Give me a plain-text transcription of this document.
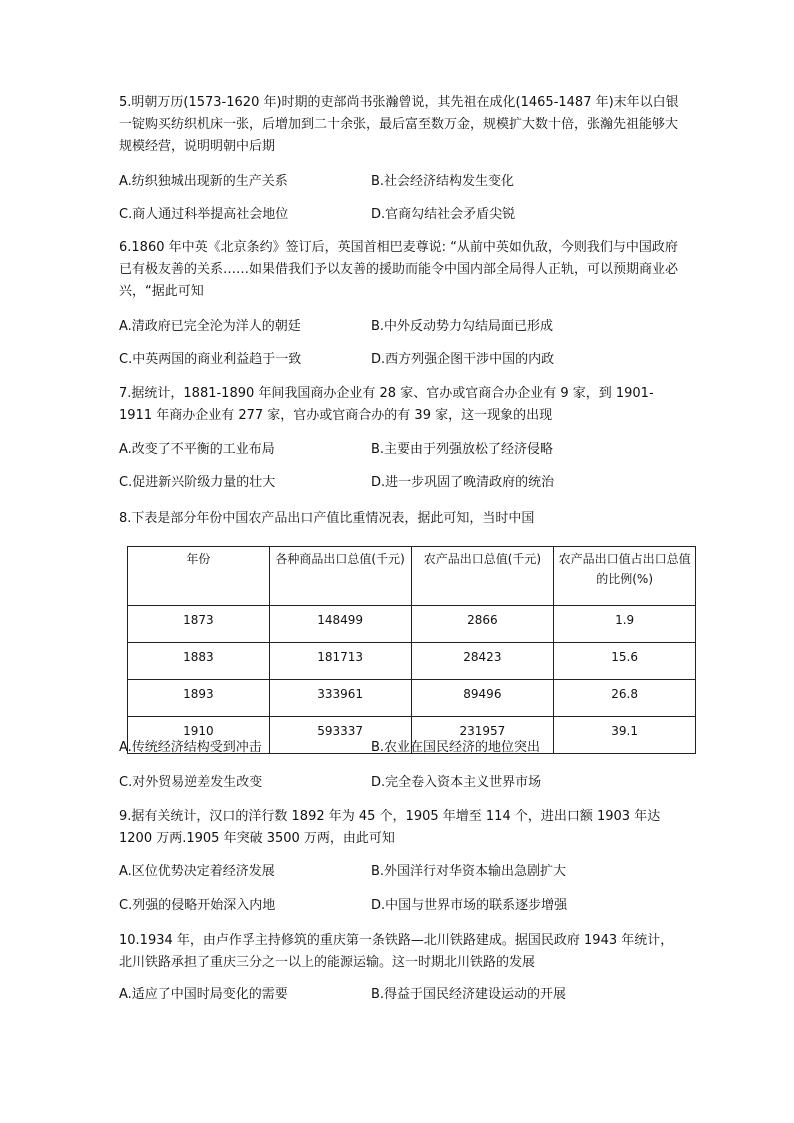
5.明朝万历(1573-1620 年)时期的吏部尚书张瀚曾说，其先祖在成化(1465-1487 年)末年以白银一锭购买纺织机床一张，后增加到二十余张，最后富至数万金，规模扩大数十倍，张瀚先祖能够大规模经营，说明明朝中后期

A.纺织独城出现新的生产关系	B.社会经济结构发生变化
C.商人通过科举提高社会地位	D.官商勾结社会矛盾尖锐

6.1860 年中英《北京条约》签订后，英国首相巴麦尊说: “从前中英如仇敌，今则我们与中国政府已有极友善的关系……如果借我们予以友善的援助而能令中国内部全局得人正轨，可以预期商业必兴，“据此可知

A.清政府已完全沦为洋人的朝廷	B.中外反动势力勾结局面已形成
C.中英两国的商业利益趋于一致	D.西方列强企图干涉中国的内政

7.据统计，1881-1890 年间我国商办企业有 28 家、官办或官商合办企业有 9 家，到 1901-1911 年商办企业有 277 家，官办或官商合办的有 39 家，这一现象的出现

A.改变了不平衡的工业布局	B.主要由于列强放松了经济侵略
C.促进新兴阶级力量的壮大	D.进一步巩固了晚清政府的统治

8.下表是部分年份中国农产品出口产值比重情况表，据此可知，当时中国

年份	各种商品出口总值(千元)	农产品出口总值(千元)	农产品出口值占出口总值的比例(%)
1873	148499	2866	1.9
1883	181713	28423	15.6
1893	333961	89496	26.8
1910	593337	231957	39.1
A.传统经济结构受到冲击	B.农业在国民经济的地位突出
C.对外贸易逆差发生改变	D.完全卷入资本主义世界市场

9.据有关统计，汉口的洋行数 1892 年为 45 个，1905 年增至 114 个，进出口额 1903 年达 1200 万两.1905 年突破 3500 万两，由此可知

A.区位优势决定着经济发展	B.外国洋行对华资本输出急剧扩大
C.列强的侵略开始深入内地	D.中国与世界市场的联系逐步增强

10.1934 年，由卢作孚主持修筑的重庆第一条铁路—北川铁路建成。据国民政府 1943 年统计，北川铁路承担了重庆三分之一以上的能源运输。这一时期北川铁路的发展

A.适应了中国时局变化的需要	B.得益于国民经济建设运动的开展
